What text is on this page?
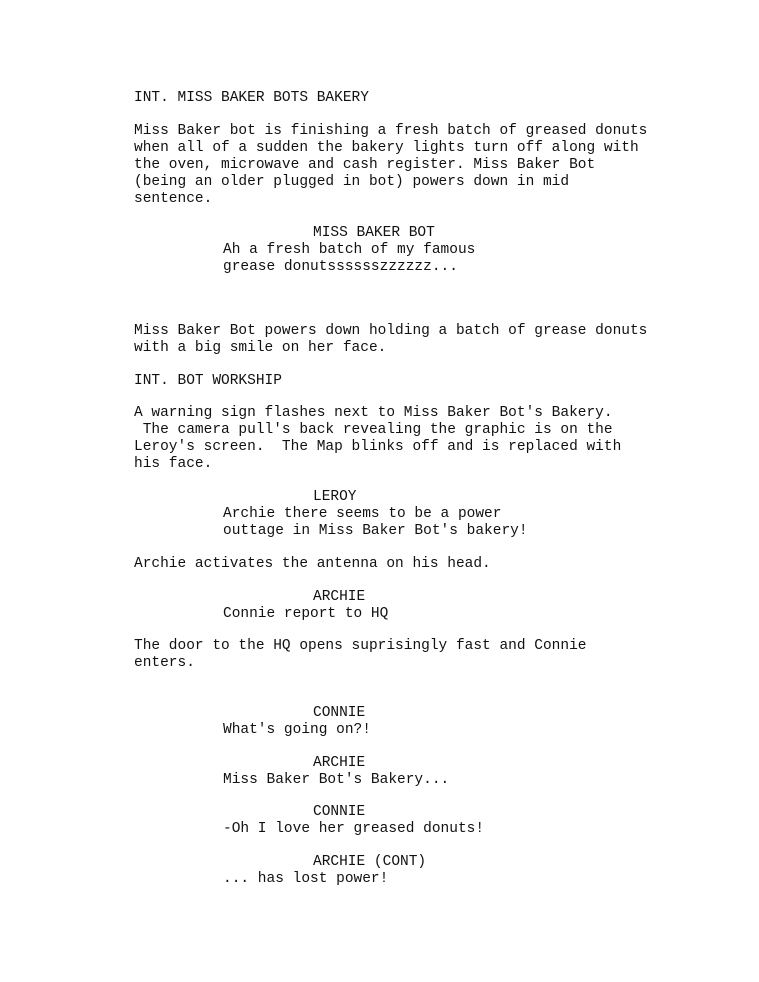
INT. MISS BAKER BOTS BAKERY
Miss Baker bot is finishing a fresh batch of greased donuts
when all of a sudden the bakery lights turn off along with
the oven, microwave and cash register. Miss Baker Bot
(being an older plugged in bot) powers down in mid
sentence.
MISS BAKER BOT
Ah a fresh batch of my famous
grease donutsssssszzzzzz...
Miss Baker Bot powers down holding a batch of grease donuts
with a big smile on her face.
INT. BOT WORKSHIP
A warning sign flashes next to Miss Baker Bot's Bakery.
The camera pull's back revealing the graphic is on the
Leroy's screen.  The Map blinks off and is replaced with
his face.
LEROY
Archie there seems to be a power
outtage in Miss Baker Bot's bakery!
Archie activates the antenna on his head.
ARCHIE
Connie report to HQ
The door to the HQ opens suprisingly fast and Connie
enters.
CONNIE
What's going on?!
ARCHIE
Miss Baker Bot's Bakery...
CONNIE
-Oh I love her greased donuts!
ARCHIE (CONT)
... has lost power!
